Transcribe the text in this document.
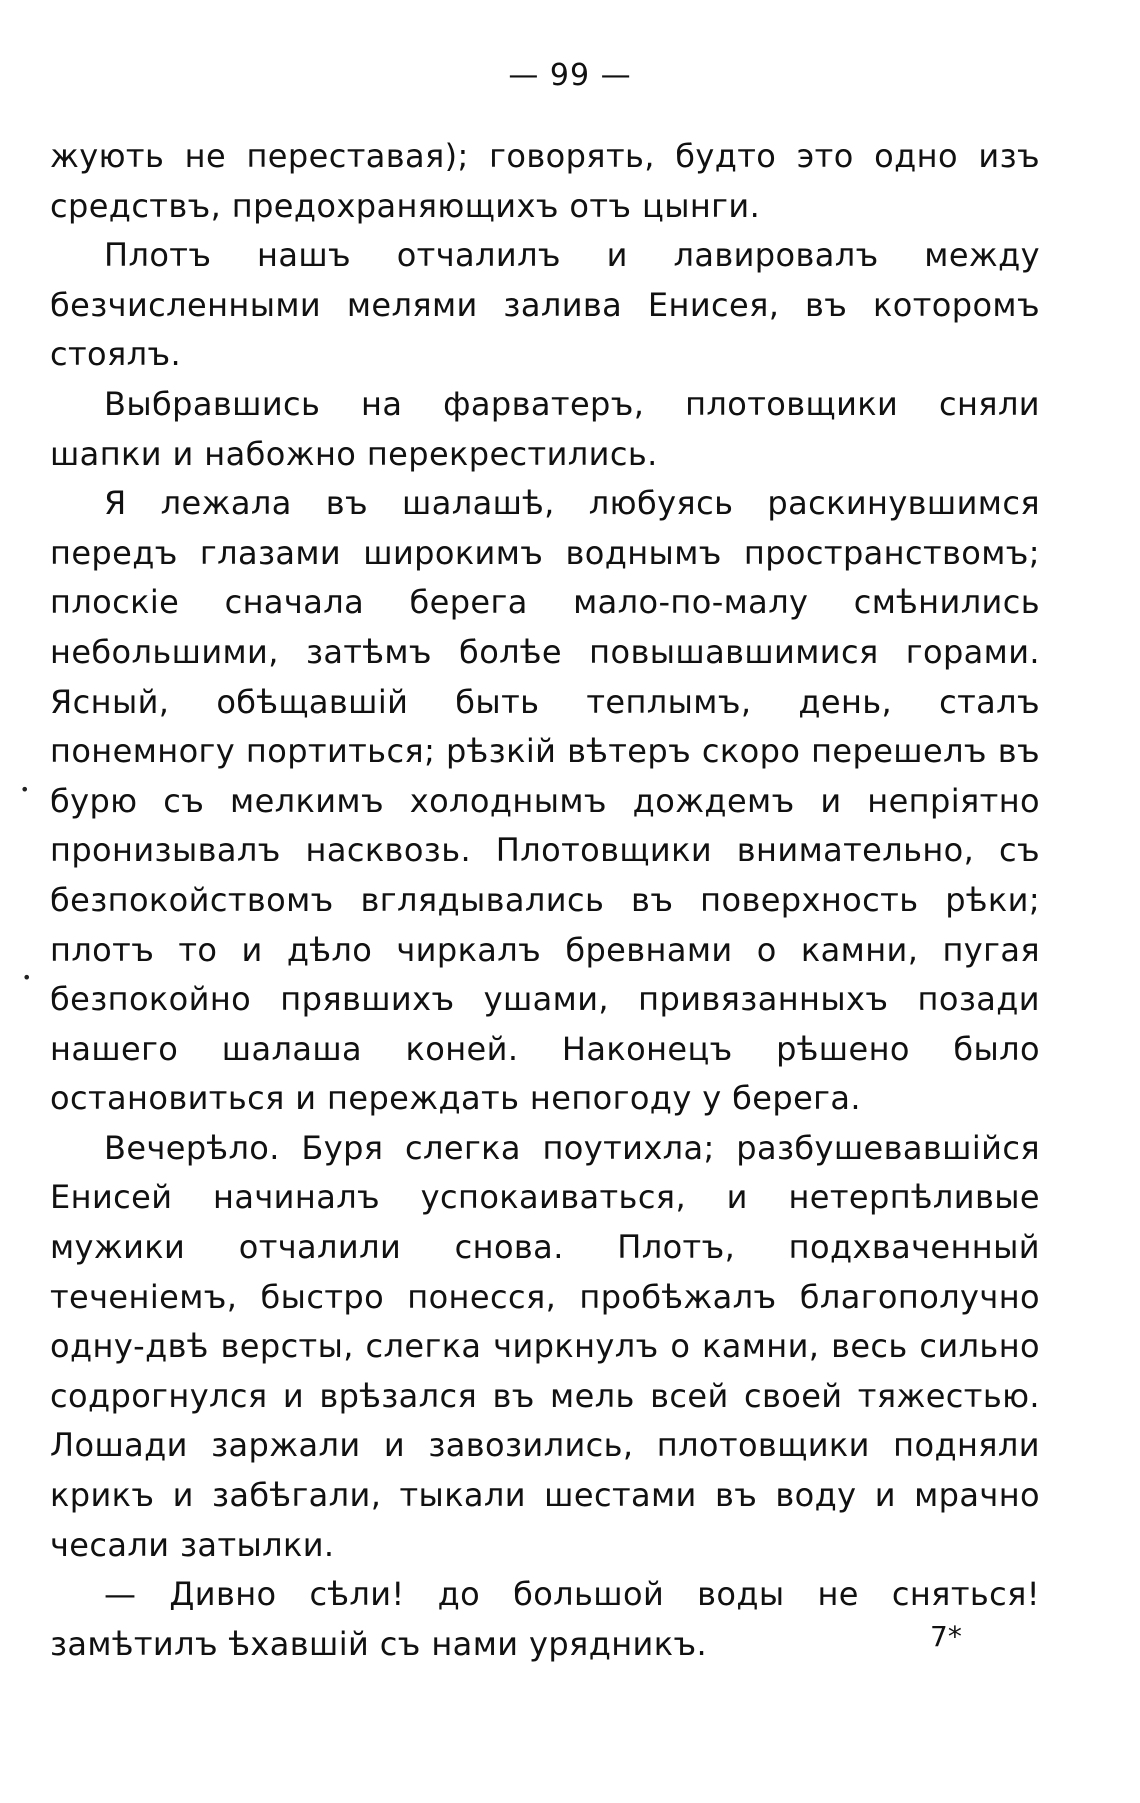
— 99 —

жують не переставая); говорять, будто это одно изъ средствъ, предохраняющихъ отъ цынги.

Плотъ нашъ отчалилъ и лавировалъ между безчисленными мелями залива Енисея, въ которомъ стоялъ.

Выбравшись на фарватеръ, плотовщики сняли шапки и набожно перекрестились.

Я лежала въ шалашѣ, любуясь раскинувшимся передъ глазами широкимъ воднымъ пространствомъ; плоскіе сначала берега мало-по-малу смѣнились небольшими, затѣмъ болѣе повышавшимися горами. Ясный, обѣщавшій быть теплымъ, день, сталъ понемногу портиться; рѣзкій вѣтеръ скоро перешелъ въ бурю съ мелкимъ холоднымъ дождемъ и непріятно пронизывалъ насквозь. Плотовщики внимательно, съ безпокойствомъ вглядывались въ поверхность рѣки; плотъ то и дѣло чиркалъ бревнами о камни, пугая безпокойно прявшихъ ушами, привязанныхъ позади нашего шалаша коней. Наконецъ рѣшено было остановиться и переждать непогоду у берега.

Вечерѣло. Буря слегка поутихла; разбушевавшійся Енисей начиналъ успокаиваться, и нетерпѣливые мужики отчалили снова. Плотъ, подхваченный теченіемъ, быстро понесся, пробѣжалъ благополучно одну-двѣ версты, слегка чиркнулъ о камни, весь сильно содрогнулся и врѣзался въ мель всей своей тяжестью. Лошади заржали и завозились, плотовщики подняли крикъ и забѣгали, тыкали шестами въ воду и мрачно чесали затылки.

— Дивно сѣли! до большой воды не сняться! замѣтилъ ѣхавшій съ нами урядникъ.	7*
•
•
